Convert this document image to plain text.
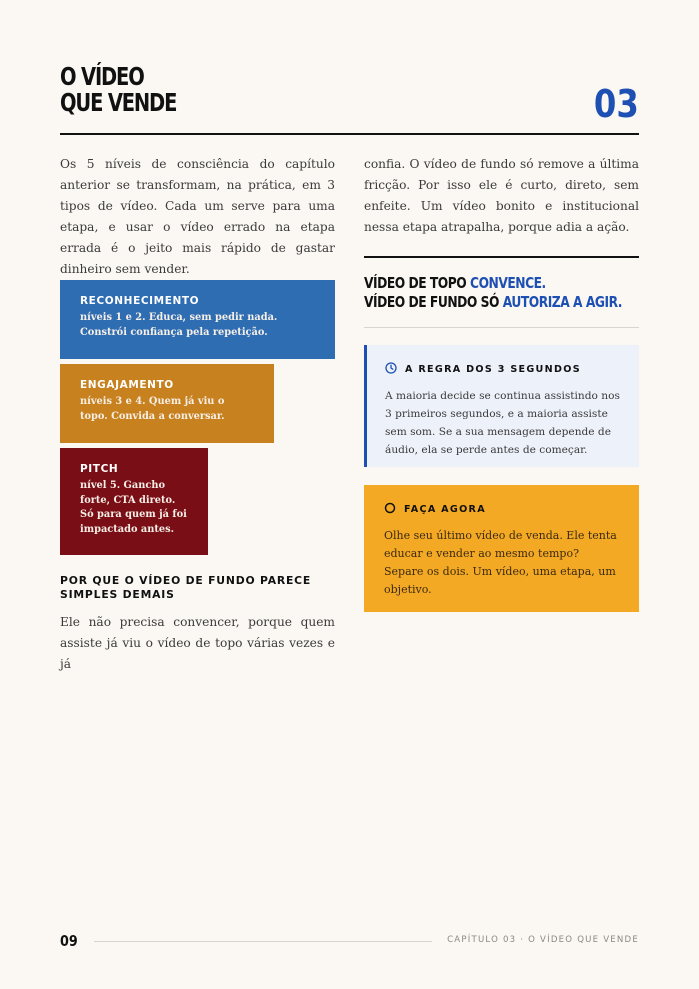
O VÍDEO
QUE VENDE	03

Os 5 níveis de consciência do capítulo anterior se transformam, na prática, em 3 tipos de vídeo. Cada um serve para uma etapa, e usar o vídeo errado na etapa errada é o jeito mais rápido de gastar dinheiro sem vender.

RECONHECIMENTO
níveis 1 e 2. Educa, sem pedir nada. Constrói confiança pela repetição.
ENGAJAMENTO
níveis 3 e 4. Quem já viu o topo. Convida a conversar.
PITCH
nível 5. Gancho forte, CTA direto. Só para quem já foi impactado antes.
POR QUE O VÍDEO DE FUNDO PARECE SIMPLES DEMAIS

Ele não precisa convencer, porque quem assiste já viu o vídeo de topo várias vezes e já

confia. O vídeo de fundo só remove a última fricção. Por isso ele é curto, direto, sem enfeite. Um vídeo bonito e institucional nessa etapa atrapalha, porque adia a ação.

VÍDEO DE TOPO CONVENCE.
VÍDEO DE FUNDO SÓ AUTORIZA A AGIR.
A REGRA DOS 3 SEGUNDOS
A maioria decide se continua assistindo nos 3 primeiros segundos, e a maioria assiste sem som. Se a sua mensagem depende de áudio, ela se perde antes de começar.
FAÇA AGORA
Olhe seu último vídeo de venda. Ele tenta educar e vender ao mesmo tempo? Separe os dois. Um vídeo, uma etapa, um objetivo.
09	CAPÍTULO 03 · O VÍDEO QUE VENDE
